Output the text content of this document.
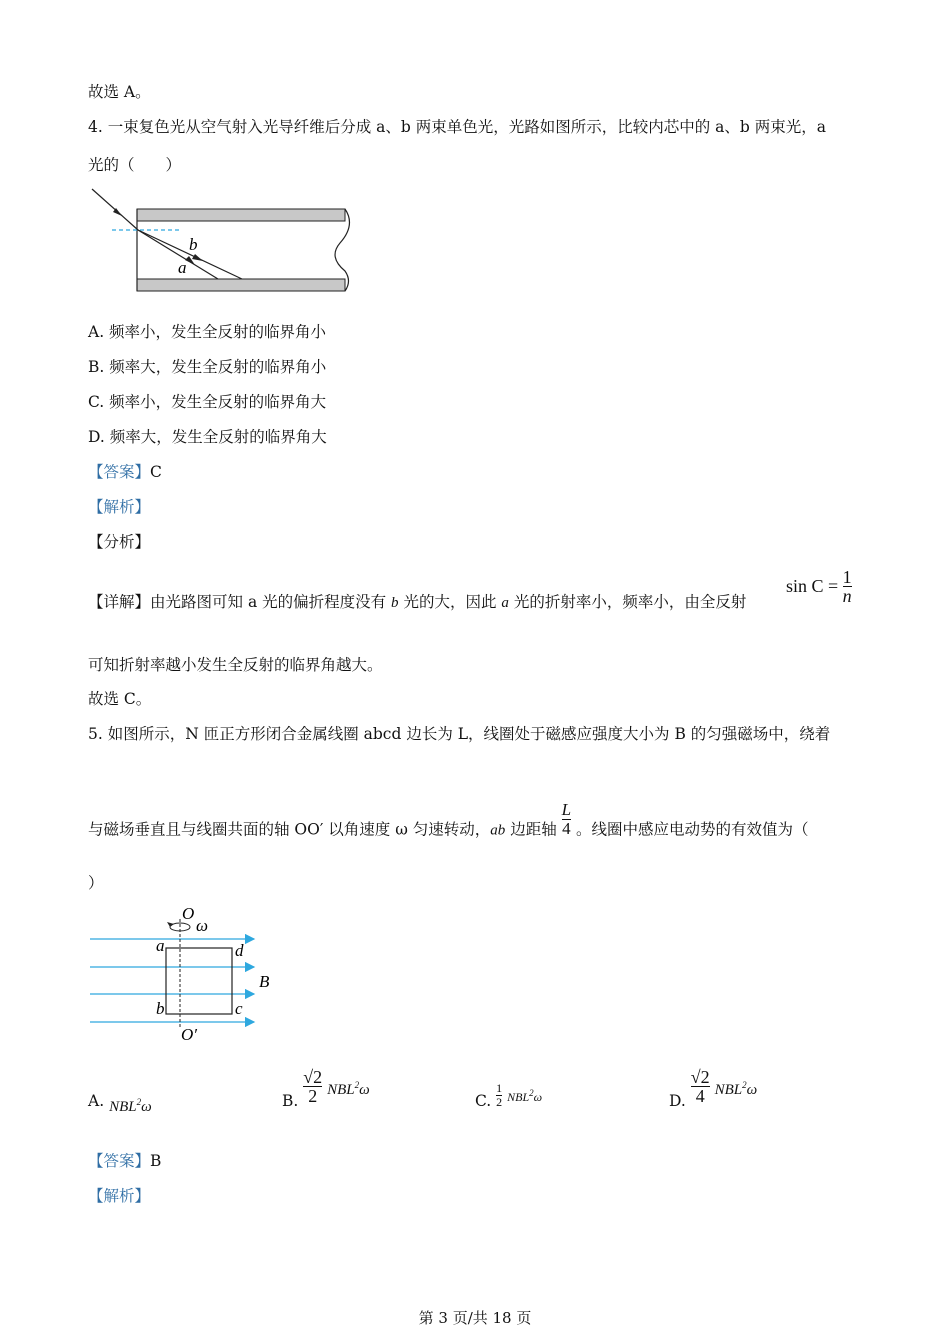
故选 A。
4. 一束复色光从空气射入光导纤维后分成 a、b 两束单色光，光路如图所示，比较内芯中的 a、b 两束光，a
光的（　　）
b
a
A. 频率小，发生全反射的临界角小
B. 频率大，发生全反射的临界角小
C. 频率小，发生全反射的临界角大
D. 频率大，发生全反射的临界角大
【答案】C
【解析】
【分析】
【详解】由光路图可知 a 光的偏折程度没有 b 光的大，因此 a 光的折射率小，频率小，由全反射
$\sin C = \frac{1}{n}$
可知折射率越小发生全反射的临界角越大。
故选 C。
5. 如图所示，N 匝正方形闭合金属线圈 abcd 边长为 L，线圈处于磁感应强度大小为 B 的匀强磁场中，绕着
与磁场垂直且与线圈共面的轴 OO′ 以角速度 ω 匀速转动，ab 边距轴 $\frac{L}{4}$ 。线圈中感应电动势的有效值为（
）
O
ω
a	d
b	c
B
O′
A. NBL$^2$ω	B. $\frac{√2}{2} NBL^2\omega$
C. $\frac{1}{2} ^{NBL^2\omega}$	D. $\frac{√2}{4} NBL^2\omega$
【答案】B
【解析】
第 3 页/共 18 页
